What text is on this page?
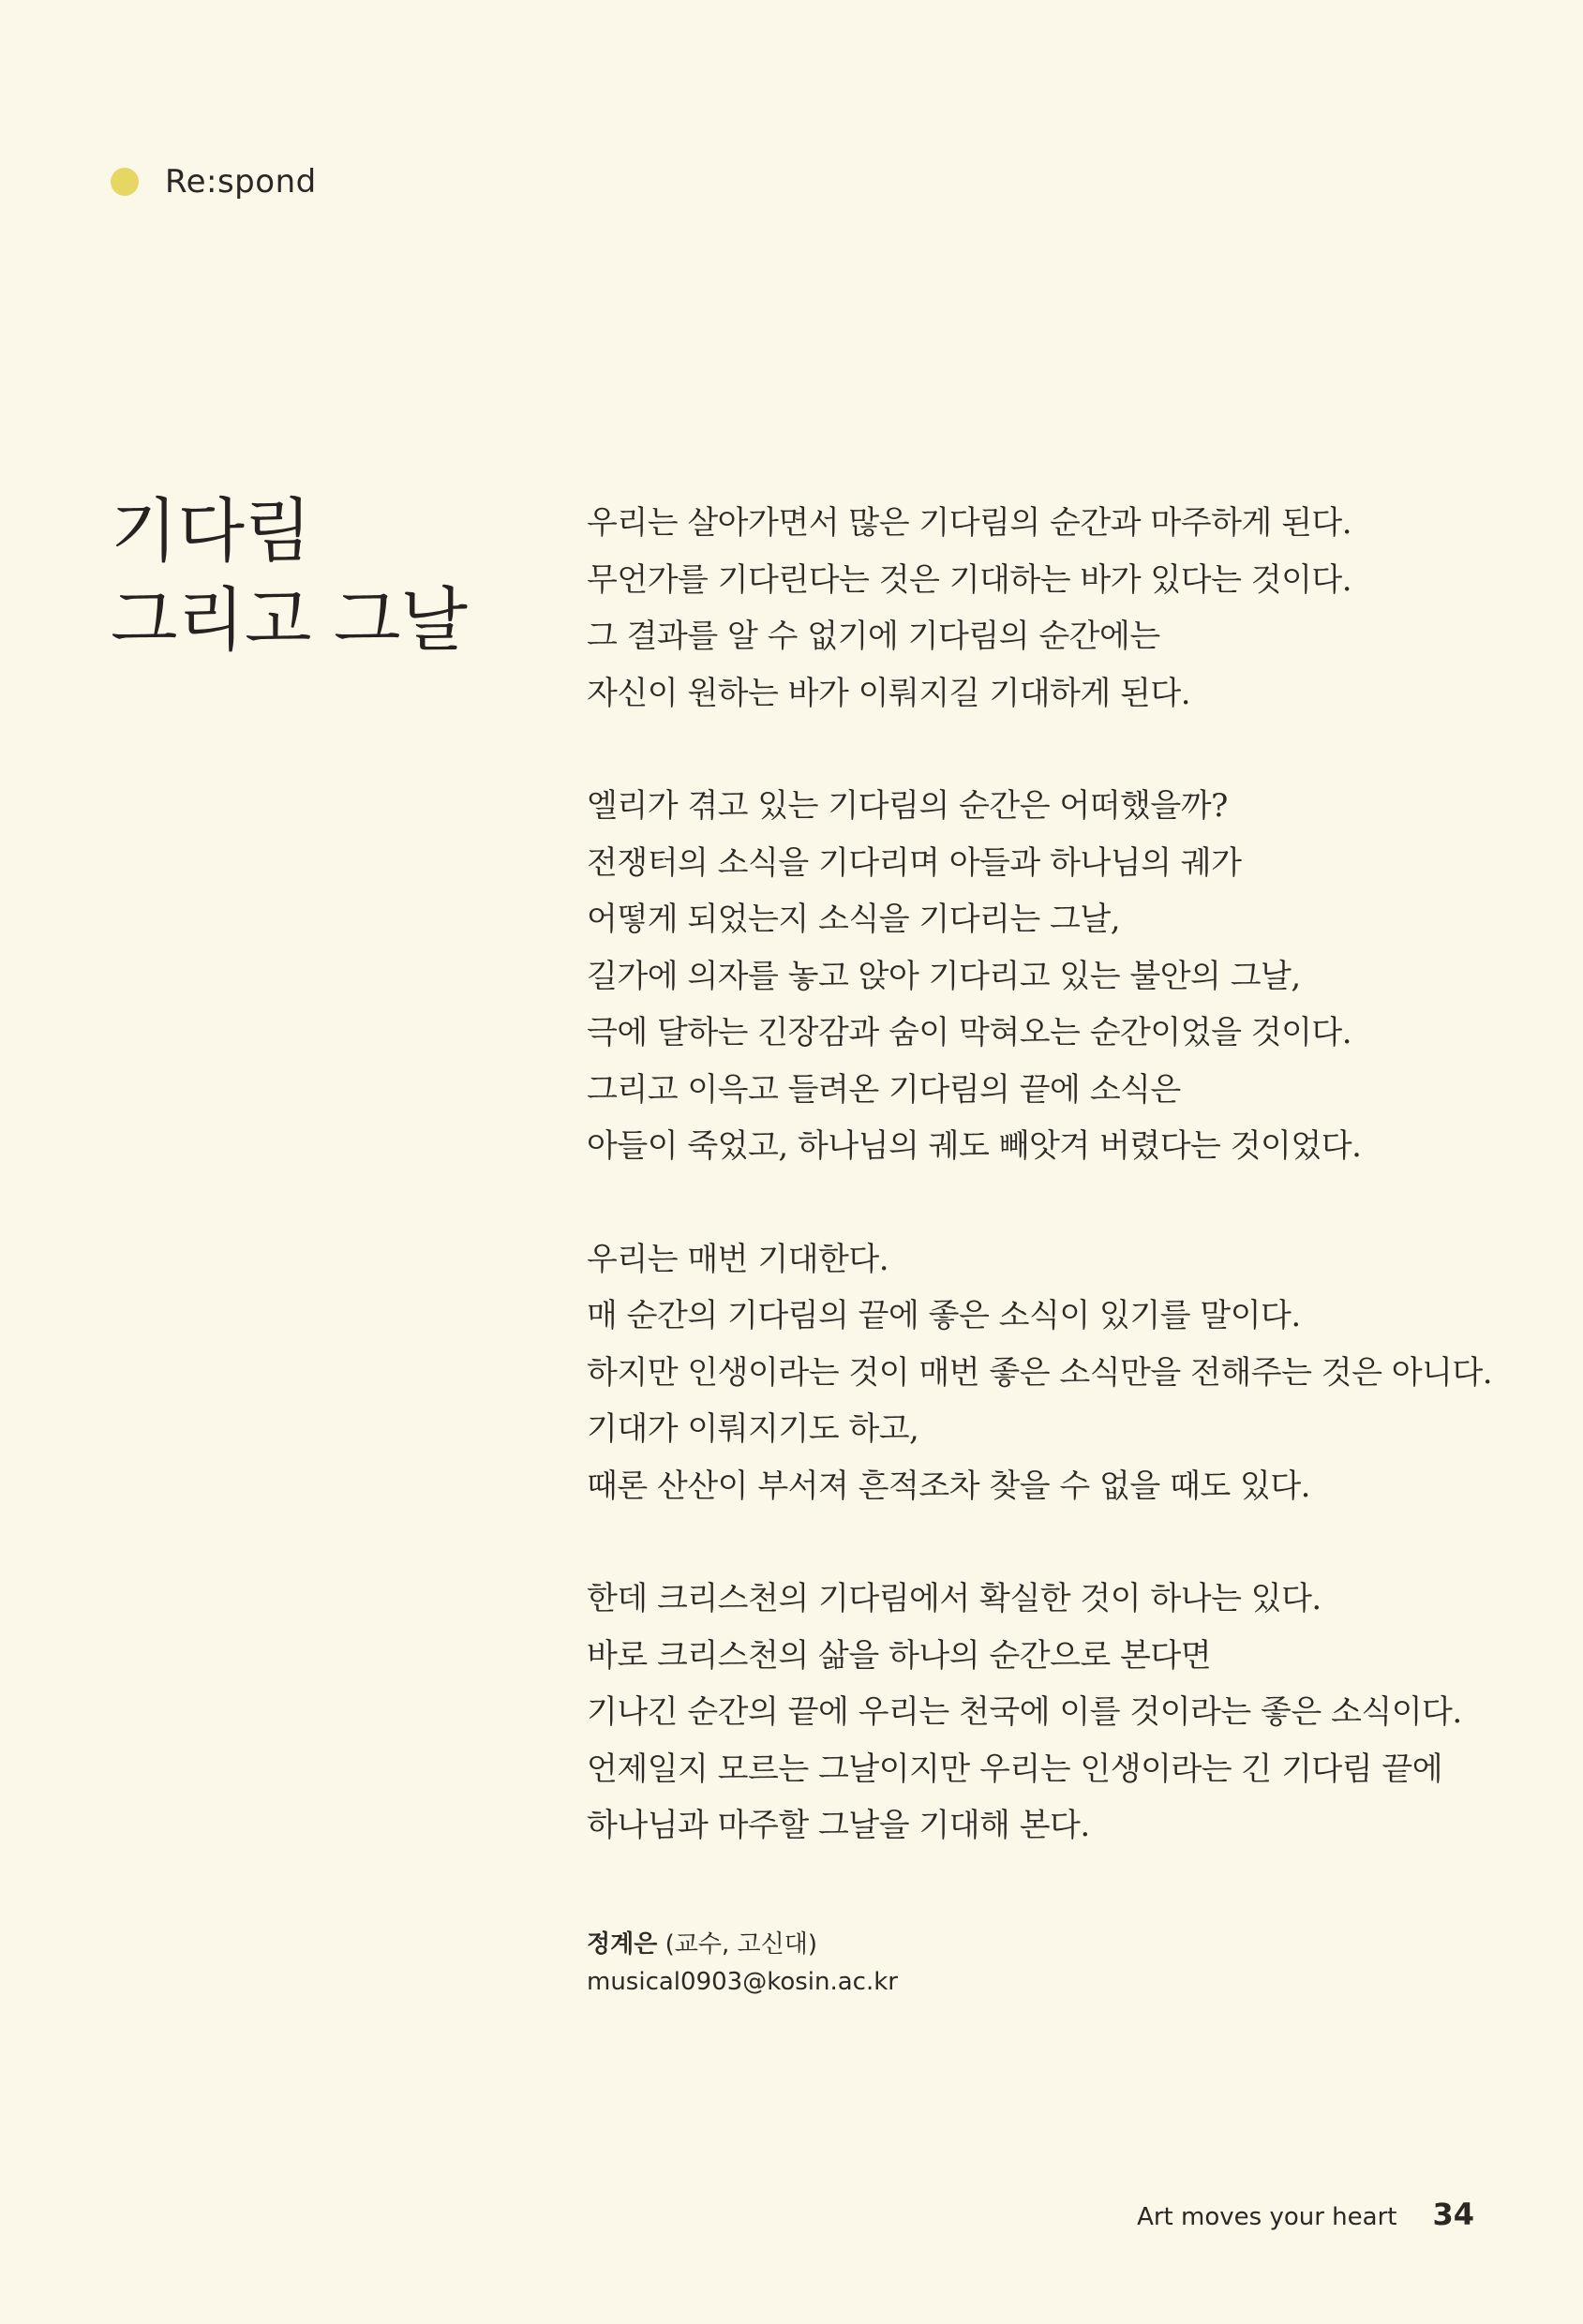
Re:spond
기다림
그리고 그날
우리는 살아가면서 많은 기다림의 순간과 마주하게 된다.
무언가를 기다린다는 것은 기대하는 바가 있다는 것이다.
그 결과를 알 수 없기에 기다림의 순간에는
자신이 원하는 바가 이뤄지길 기대하게 된다.
엘리가 겪고 있는 기다림의 순간은 어떠했을까?
전쟁터의 소식을 기다리며 아들과 하나님의 궤가
어떻게 되었는지 소식을 기다리는 그날,
길가에 의자를 놓고 앉아 기다리고 있는 불안의 그날,
극에 달하는 긴장감과 숨이 막혀오는 순간이었을 것이다.
그리고 이윽고 들려온 기다림의 끝에 소식은
아들이 죽었고, 하나님의 궤도 빼앗겨 버렸다는 것이었다.
우리는 매번 기대한다.
매 순간의 기다림의 끝에 좋은 소식이 있기를 말이다.
하지만 인생이라는 것이 매번 좋은 소식만을 전해주는 것은 아니다.
기대가 이뤄지기도 하고,
때론 산산이 부서져 흔적조차 찾을 수 없을 때도 있다.
한데 크리스천의 기다림에서 확실한 것이 하나는 있다.
바로 크리스천의 삶을 하나의 순간으로 본다면
기나긴 순간의 끝에 우리는 천국에 이를 것이라는 좋은 소식이다.
언제일지 모르는 그날이지만 우리는 인생이라는 긴 기다림 끝에
하나님과 마주할 그날을 기대해 본다.
정계은 (교수, 고신대)
musical0903@kosin.ac.kr
Art moves your heart 34
